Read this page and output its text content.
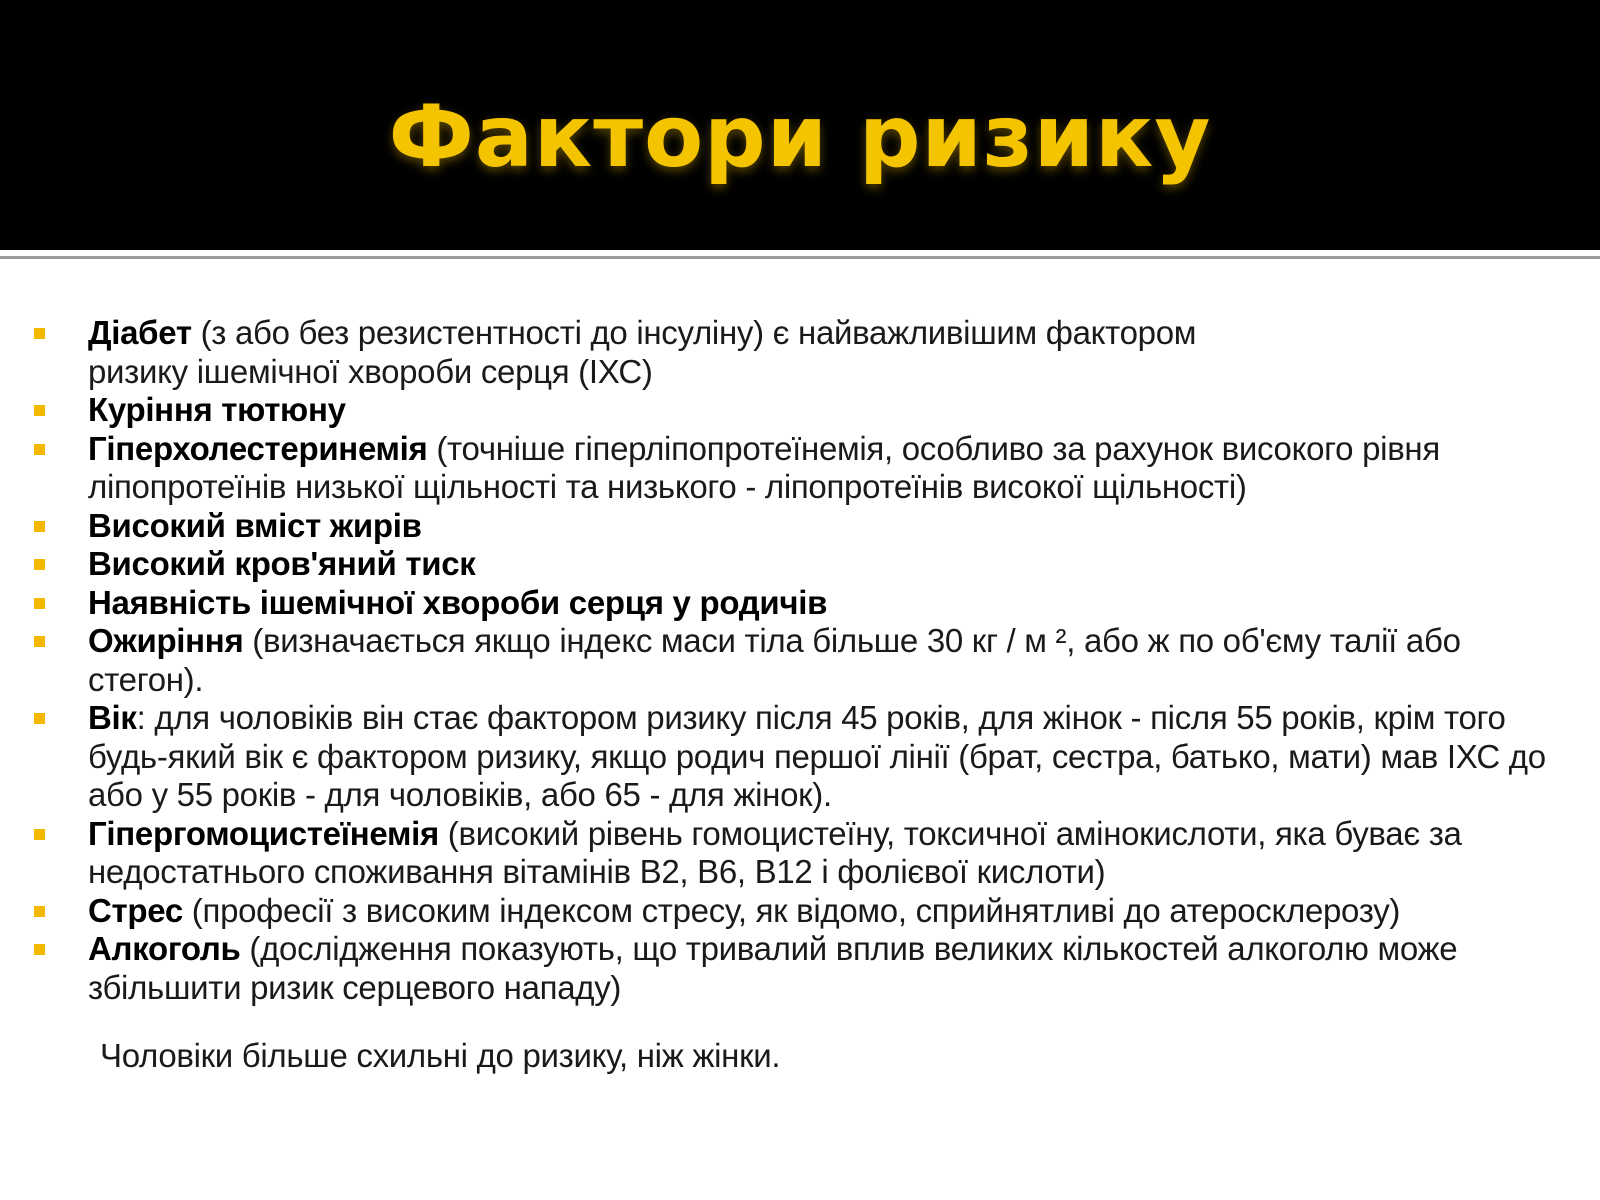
Фактори ризику
Діабет (з або без резистентності до інсуліну) є найважливішим фактором
ризику ішемічної хвороби серця (ІХС)
Куріння тютюну
Гіперхолестеринемія (точніше гіперліпопротеїнемія, особливо за рахунок високого рівня ліпопротеїнів низької щільності та низького - ліпопротеїнів високої щільності)
Високий вміст жирів
Високий кров'яний тиск
Наявність ішемічної хвороби серця у родичів
Ожиріння (визначається якщо індекс маси тіла більше 30 кг / м ², або ж по об'єму талії або стегон).
Вік: для чоловіків він стає фактором ризику після 45 років, для жінок - після 55 років, крім того будь-який вік є фактором ризику, якщо родич першої лінії (брат, сестра, батько, мати) мав ІХС до або у 55 років - для чоловіків, або 65 - для жінок).
Гіпергомоцистеїнемія (високий рівень гомоцистеїну, токсичної амінокислоти, яка буває за недостатнього споживання вітамінів В2, В6, В12 і фолієвої кислоти)
Стрес (професії з високим індексом стресу, як відомо, сприйнятливі до атеросклерозу)
Алкоголь (дослідження показують, що тривалий вплив великих кількостей алкоголю може збільшити ризик серцевого нападу)
Чоловіки більше схильні до ризику, ніж жінки.
